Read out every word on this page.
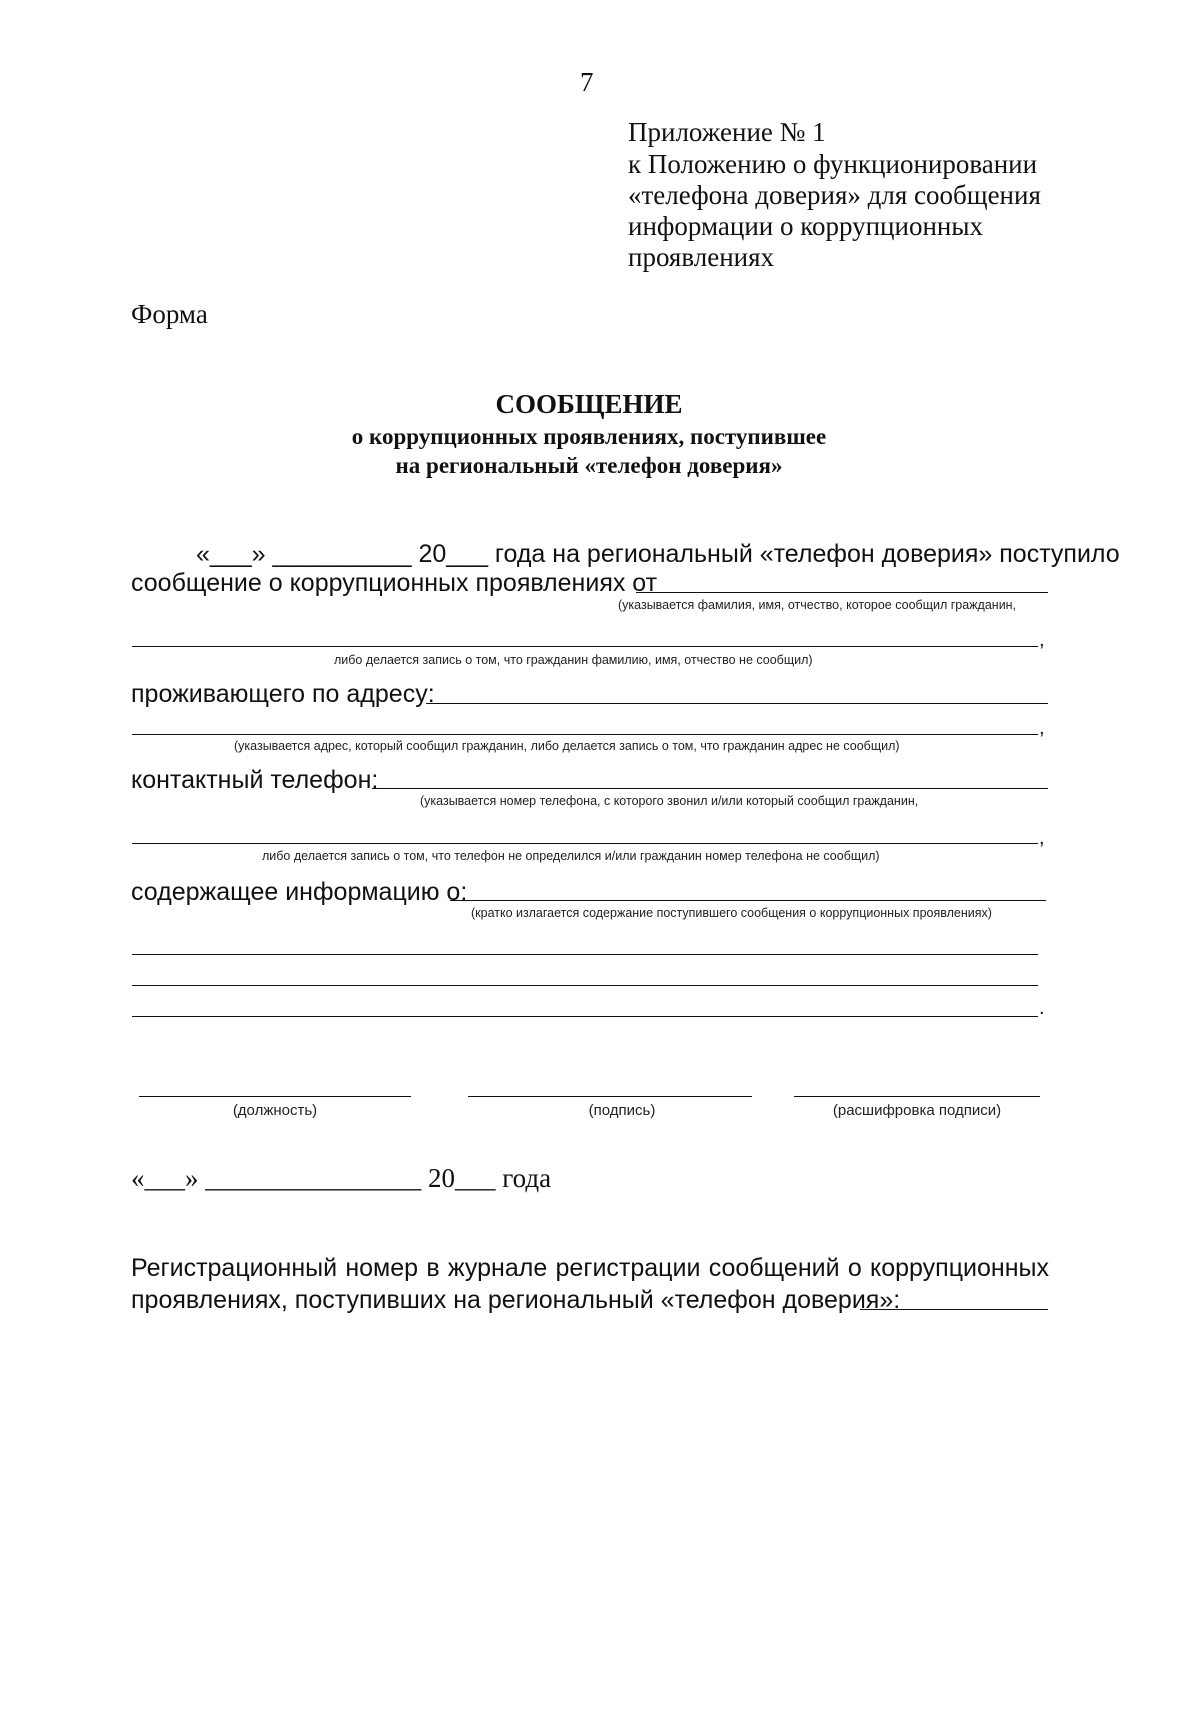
7
Приложение № 1
к Положению о функционировании
«телефона доверия» для сообщения
информации о коррупционных
проявлениях
Форма
СООБЩЕНИЕ
о коррупционных проявлениях, поступившее
на региональный «телефон доверия»
«___» __________ 20___ года на региональный «телефон доверия» поступило
сообщение о коррупционных проявлениях от
(указывается фамилия, имя, отчество, которое сообщил гражданин,
,
либо делается запись о том, что гражданин фамилию, имя, отчество не сообщил)
проживающего по адресу:
,
(указывается адрес, который сообщил гражданин, либо делается запись о том, что гражданин адрес не сообщил)
контактный телефон:
(указывается номер телефона, с которого звонил и/или который сообщил гражданин,
,
либо делается запись о том, что телефон не определился и/или гражданин номер телефона не сообщил)
содержащее информацию о:
(кратко излагается содержание поступившего сообщения о коррупционных проявлениях)
.
(должность)	(подпись)	(расшифровка подписи)
«___» ________________ 20___ года
Регистрационный номер в журнале регистрации сообщений о коррупционных
проявлениях, поступивших на региональный «телефон доверия»:
